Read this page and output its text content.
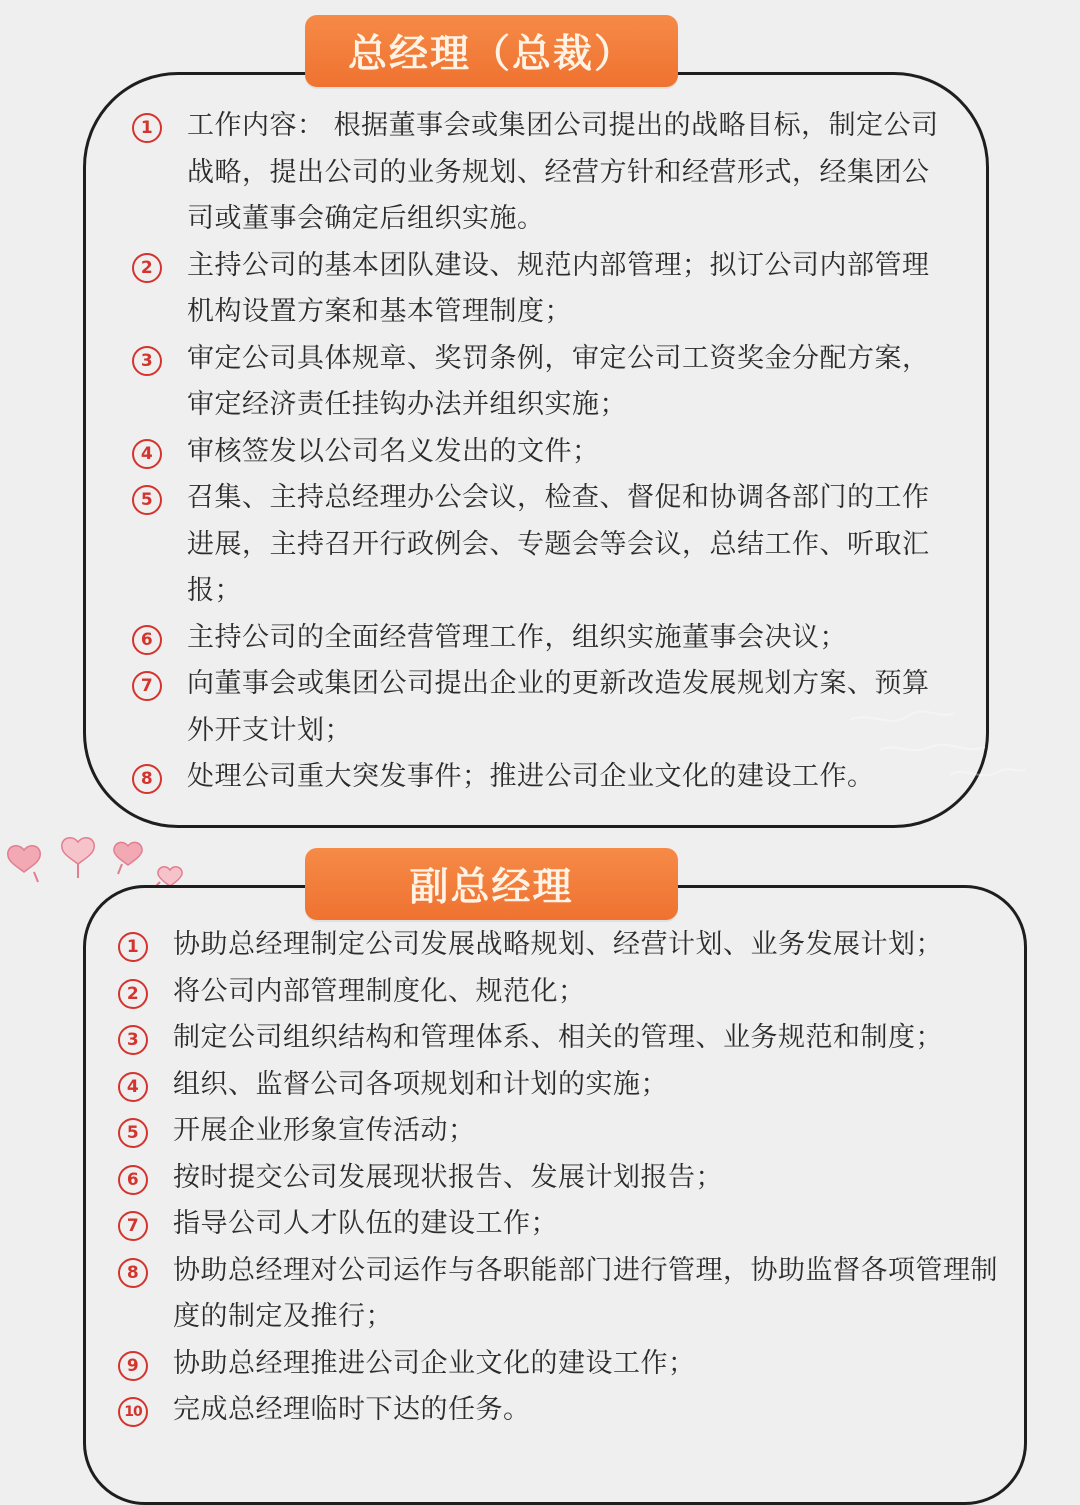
总经理（总裁）
1	工作内容： 根据董事会或集团公司提出的战略目标，制定公司战略，提出公司的业务规划、经营方针和经营形式，经集团公司或董事会确定后组织实施。
2	主持公司的基本团队建设、规范内部管理；拟订公司内部管理机构设置方案和基本管理制度；
3	审定公司具体规章、奖罚条例，审定公司工资奖金分配方案，审定经济责任挂钩办法并组织实施；
4	审核签发以公司名义发出的文件；
5	召集、主持总经理办公会议，检查、督促和协调各部门的工作进展，主持召开行政例会、专题会等会议，总结工作、听取汇报；
6	主持公司的全面经营管理工作，组织实施董事会决议；
7	向董事会或集团公司提出企业的更新改造发展规划方案、预算外开支计划；
8	处理公司重大突发事件；推进公司企业文化的建设工作。
副总经理
1	协助总经理制定公司发展战略规划、经营计划、业务发展计划；
2	将公司内部管理制度化、规范化；
3	制定公司组织结构和管理体系、相关的管理、业务规范和制度；
4	组织、监督公司各项规划和计划的实施；
5	开展企业形象宣传活动；
6	按时提交公司发展现状报告、发展计划报告；
7	指导公司人才队伍的建设工作；
8	协助总经理对公司运作与各职能部门进行管理，协助监督各项管理制度的制定及推行；
9	协助总经理推进公司企业文化的建设工作；
10 完成总经理临时下达的任务。
